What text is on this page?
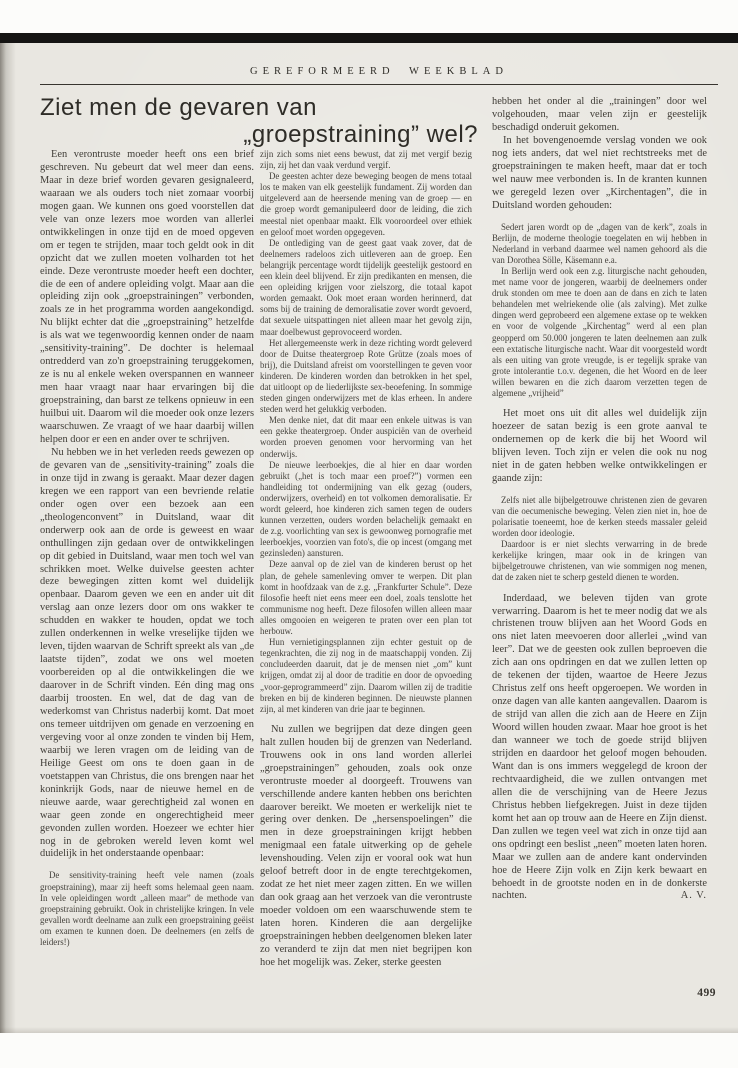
GEREFORMEERD WEEKBLAD
Ziet men de gevaren van
„groepstraining” wel?

Een verontruste moeder heeft ons een brief geschreven. Nu gebeurt dat wel meer dan eens. Maar in deze brief worden gevaren gesignaleerd, waaraan we als ouders toch niet zomaar voorbij mogen gaan. We kunnen ons goed voorstellen dat vele van onze lezers moe worden van allerlei ontwikkelingen in onze tijd en de moed opgeven om er tegen te strijden, maar toch geldt ook in dit opzicht dat we zullen moeten volharden tot het einde. Deze verontruste moeder heeft een dochter, die de een of andere opleiding volgt. Maar aan die opleiding zijn ook „groepstrainingen” verbonden, zoals ze in het programma worden aangekondigd. Nu blijkt echter dat die „groepstraining” hetzelfde is als wat we tegenwoordig kennen onder de naam „sensitivity-training”. De dochter is helemaal ontredderd van zo'n groepstraining teruggekomen, ze is nu al enkele weken overspannen en wanneer men haar vraagt naar haar ervaringen bij die groepstraining, dan barst ze telkens opnieuw in een huilbui uit. Daarom wil die moeder ook onze lezers waarschuwen. Ze vraagt of we haar daarbij willen helpen door er een en ander over te schrijven.

Nu hebben we in het verleden reeds gewezen op de gevaren van de „sensitivity-training” zoals die in onze tijd in zwang is geraakt. Maar dezer dagen kregen we een rapport van een bevriende relatie onder ogen over een bezoek aan een „theologenconvent” in Duitsland, waar dit onderwerp ook aan de orde is geweest en waar onthullingen zijn gedaan over de ontwikkelingen op dit gebied in Duitsland, waar men toch wel van schrikken moet. Welke duivelse geesten achter deze bewegingen zitten komt wel duidelijk openbaar. Daarom geven we een en ander uit dit verslag aan onze lezers door om ons wakker te schudden en wakker te houden, opdat we toch zullen onderkennen in welke vreselijke tijden we leven, tijden waarvan de Schrift spreekt als van „de laatste tijden”, zodat we ons wel moeten voorbereiden op al die ontwikkelingen die we daarover in de Schrift vinden. Eén ding mag ons daarbij troosten. En wel, dat de dag van de wederkomst van Christus naderbij komt. Dat moet ons temeer uitdrijven om genade en verzoening en vergeving voor al onze zonden te vinden bij Hem, waarbij we leren vragen om de leiding van de Heilige Geest om ons te doen gaan in de voetstappen van Christus, die ons brengen naar het koninkrijk Gods, naar de nieuwe hemel en de nieuwe aarde, waar gerechtigheid zal wonen en waar geen zonde en ongerechtigheid meer gevonden zullen worden. Hoezeer we echter hier nog in de gebroken wereld leven komt wel duidelijk in het onderstaande openbaar:

De sensitivity-training heeft vele namen (zoals groepstraining), maar zij heeft soms helemaal geen naam. In vele opleidingen wordt „alleen maar” de methode van groepstraining gebruikt. Ook in christelijke kringen. In vele gevallen wordt deelname aan zulk een groepstraining geëist om examen te kunnen doen. De deelnemers (en zelfs de leiders!)

zijn zich soms niet eens bewust, dat zij met vergif bezig zijn, zij het dan vaak verdund vergif.

De geesten achter deze beweging beogen de mens totaal los te maken van elk geestelijk fundament. Zij worden dan uitgeleverd aan de heersende mening van de groep — en die groep wordt gemanipuleerd door de leiding, die zich meestal niet openbaar maakt. Elk vooroordeel over ethiek en geloof moet worden opgegeven.

De ontlediging van de geest gaat vaak zover, dat de deelnemers radeloos zich uitleveren aan de groep. Een belangrijk percentage wordt tijdelijk geestelijk gestoord en een klein deel blijvend. Er zijn predikanten en mensen, die een opleiding krijgen voor zielszorg, die totaal kapot worden gemaakt. Ook moet eraan worden herinnerd, dat soms bij de training de demoralisatie zover wordt gevoerd, dat sexuele uitspattingen niet alleen maar het gevolg zijn, maar doelbewust geprovoceerd worden.

Het allergemeenste werk in deze richting wordt geleverd door de Duitse theatergroep Rote Grütze (zoals moes of brij), die Duitsland afreist om voorstellingen te geven voor kinderen. De kinderen worden dan betrokken in het spel, dat uitloopt op de liederlijkste sex-beoefening. In sommige steden gingen onderwijzers met de klas erheen. In andere steden werd het gelukkig verboden.

Men denke niet, dat dit maar een enkele uitwas is van een gekke theatergroep. Onder auspiciën van de overheid worden proeven genomen voor hervorming van het onderwijs.

De nieuwe leerboekjes, die al hier en daar worden gebruikt („het is toch maar een proef?”) vormen een handleiding tot ondermijning van elk gezag (ouders, onderwijzers, overheid) en tot volkomen demoralisatie. Er wordt geleerd, hoe kinderen zich samen tegen de ouders kunnen verzetten, ouders worden belachelijk gemaakt en de z.g. voorlichting van sex is gewoonweg pornografie met leerboekjes, voorzien van foto's, die op incest (omgang met gezinsleden) aansturen.

Deze aanval op de ziel van de kinderen berust op het plan, de gehele samenleving omver te werpen. Dit plan komt in hoofdzaak van de z.g. „Frankfurter Schule”. Deze filosofie heeft niet eens meer een doel, zoals tenslotte het communisme nog heeft. Deze filosofen willen alleen maar alles omgooien en weigeren te praten over een plan tot herbouw.

Hun vernietigingsplannen zijn echter gestuit op de tegenkrachten, die zij nog in de maatschappij vonden. Zij concludeerden daaruit, dat je de mensen niet „om” kunt krijgen, omdat zij al door de traditie en door de opvoeding „voor-geprogrammeerd” zijn. Daarom willen zij de traditie breken en bij de kinderen beginnen. De nieuwste plannen zijn, al met kinderen van drie jaar te beginnen.

Nu zullen we begrijpen dat deze dingen geen halt zullen houden bij de grenzen van Nederland. Trouwens ook in ons land worden allerlei „groepstrainingen” gehouden, zoals ook onze verontruste moeder al doorgeeft. Trouwens van verschillende andere kanten hebben ons berichten daarover bereikt. We moeten er werkelijk niet te gering over denken. De „hersenspoelingen” die men in deze groepstrainingen krijgt hebben menigmaal een fatale uitwerking op de gehele levenshouding. Velen zijn er vooral ook wat hun geloof betreft door in de engte terechtgekomen, zodat ze het niet meer zagen zitten. En we willen dan ook graag aan het verzoek van die verontruste moeder voldoen om een waarschuwende stem te laten horen. Kinderen die aan dergelijke groepstrainingen hebben deelgenomen bleken later zo veranderd te zijn dat men niet begrijpen kon hoe het mogelijk was. Zeker, sterke geesten

hebben het onder al die „trainingen” door wel volgehouden, maar velen zijn er geestelijk beschadigd onderuit gekomen.

In het bovengenoemde verslag vonden we ook nog iets anders, dat wel niet rechtstreeks met de groepstrainingen te maken heeft, maar dat er toch wel nauw mee verbonden is. In de kranten kunnen we geregeld lezen over „Kirchentagen”, die in Duitsland worden gehouden:

Sedert jaren wordt op de „dagen van de kerk”, zoals in Berlijn, de moderne theologie toegelaten en wij hebben in Nederland in verband daarmee wel namen gehoord als die van Dorothea Sölle, Käsemann e.a.

In Berlijn werd ook een z.g. liturgische nacht gehouden, met name voor de jongeren, waarbij de deelnemers onder druk stonden om mee te doen aan de dans en zich te laten behandelen met welriekende olie (als zalving). Met zulke dingen werd geprobeerd een algemene extase op te wekken en voor de volgende „Kirchentag” werd al een plan geopperd om 50.000 jongeren te laten deelnemen aan zulk een extatische liturgische nacht. Waar dit voorgesteld wordt als een uiting van grote vreugde, is er tegelijk sprake van grote intolerantie t.o.v. degenen, die het Woord en de leer willen bewaren en die zich daarom verzetten tegen de algemene „vrijheid”

Het moet ons uit dit alles wel duidelijk zijn hoezeer de satan bezig is een grote aanval te ondernemen op de kerk die bij het Woord wil blijven leven. Toch zijn er velen die ook nu nog niet in de gaten hebben welke ontwikkelingen er gaande zijn:

Zelfs niet alle bijbelgetrouwe christenen zien de gevaren van die oecumenische beweging. Velen zien niet in, hoe de polarisatie toeneemt, hoe de kerken steeds massaler geleid worden door ideologie.

Daardoor is er niet slechts verwarring in de brede kerkelijke kringen, maar ook in de kringen van bijbelgetrouwe christenen, van wie sommigen nog menen, dat de zaken niet te scherp gesteld dienen te worden.

Inderdaad, we beleven tijden van grote verwarring. Daarom is het te meer nodig dat we als christenen trouw blijven aan het Woord Gods en ons niet laten meevoeren door allerlei „wind van leer”. Dat we de geesten ook zullen beproeven die zich aan ons opdringen en dat we zullen letten op de tekenen der tijden, waartoe de Heere Jezus Christus zelf ons heeft opgeroepen. We worden in onze dagen van alle kanten aangevallen. Daarom is de strijd van allen die zich aan de Heere en Zijn Woord willen houden zwaar. Maar hoe groot is het dan wanneer we toch de goede strijd blijven strijden en daardoor het geloof mogen behouden. Want dan is ons immers weggelegd de kroon der rechtvaardigheid, die we zullen ontvangen met allen die de verschijning van de Heere Jezus Christus hebben liefgekregen. Juist in deze tijden komt het aan op trouw aan de Heere en Zijn dienst. Dan zullen we tegen veel wat zich in onze tijd aan ons opdringt een beslist „neen” moeten laten horen. Maar we zullen aan de andere kant ondervinden hoe de Heere Zijn volk en Zijn kerk bewaart en behoedt in de grootste noden en in de donkerste nachten.	A. V.

499
